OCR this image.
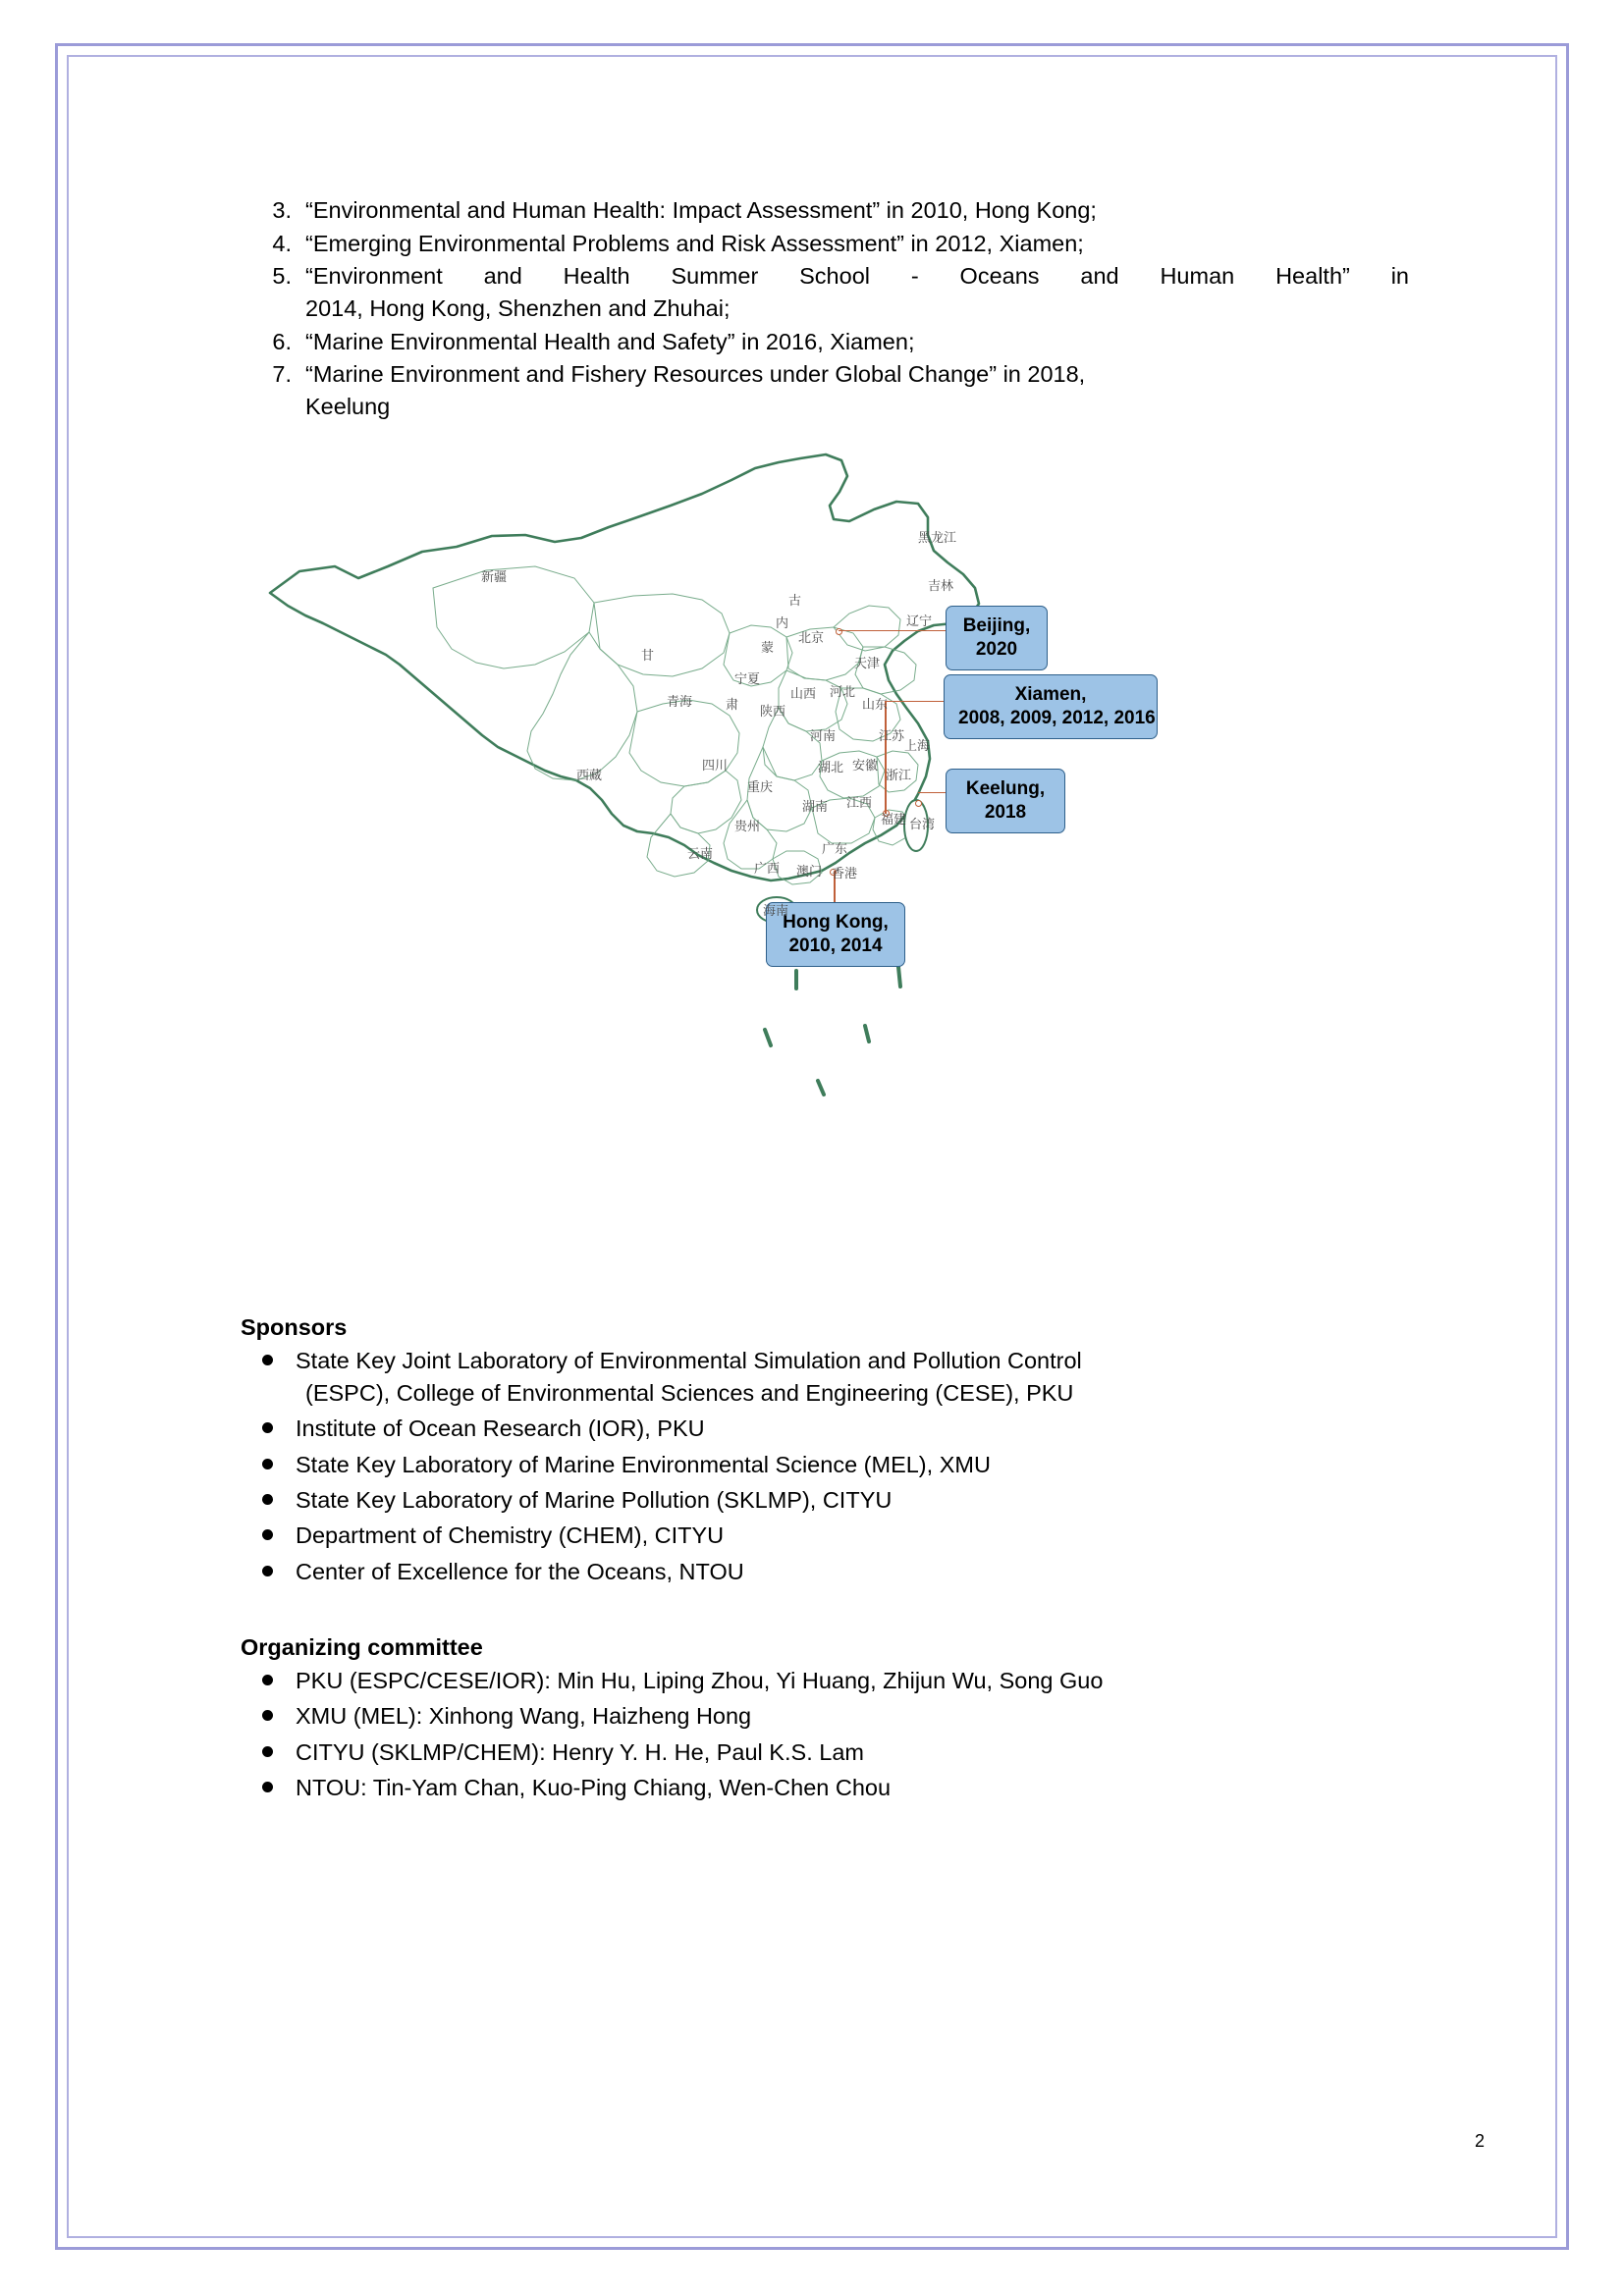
3. “Environmental and Human Health: Impact Assessment” in 2010, Hong Kong;
4. “Emerging Environmental Problems and Risk Assessment” in 2012, Xiamen;
5. “Environment and Health Summer School - Oceans and Human Health” in
2014, Hong Kong, Shenzhen and Zhuhai;
6. “Marine Environmental Health and Safety” in 2016, Xiamen;
7. “Marine Environment and Fishery Resources under Global Change” in 2018,
Keelung
Beijing,
2020
Xiamen,
2008, 2009, 2012, 2016
Keelung,
2018
Hong Kong,
2010, 2014
黑龙江
吉林
辽宁
新疆
内
蒙
古
北京
天津
河北
山西
山东
宁夏
甘
肃 陕西
青海
河南	江苏
上海
安徽
湖北
四川
重庆
浙江
西藏
江西
湖南
贵州	福建 台湾
云南	广东
广西 澳门 香港
海南
Sponsors
State Key Joint Laboratory of Environmental Simulation and Pollution Control
(ESPC), College of Environmental Sciences and Engineering (CESE), PKU
Institute of Ocean Research (IOR), PKU
State Key Laboratory of Marine Environmental Science (MEL), XMU
State Key Laboratory of Marine Pollution (SKLMP), CITYU
Department of Chemistry (CHEM), CITYU
Center of Excellence for the Oceans, NTOU
Organizing committee
PKU (ESPC/CESE/IOR): Min Hu, Liping Zhou, Yi Huang, Zhijun Wu, Song Guo
XMU (MEL): Xinhong Wang, Haizheng Hong
CITYU (SKLMP/CHEM): Henry Y. H. He, Paul K.S. Lam
NTOU: Tin-Yam Chan, Kuo-Ping Chiang, Wen-Chen Chou
2
